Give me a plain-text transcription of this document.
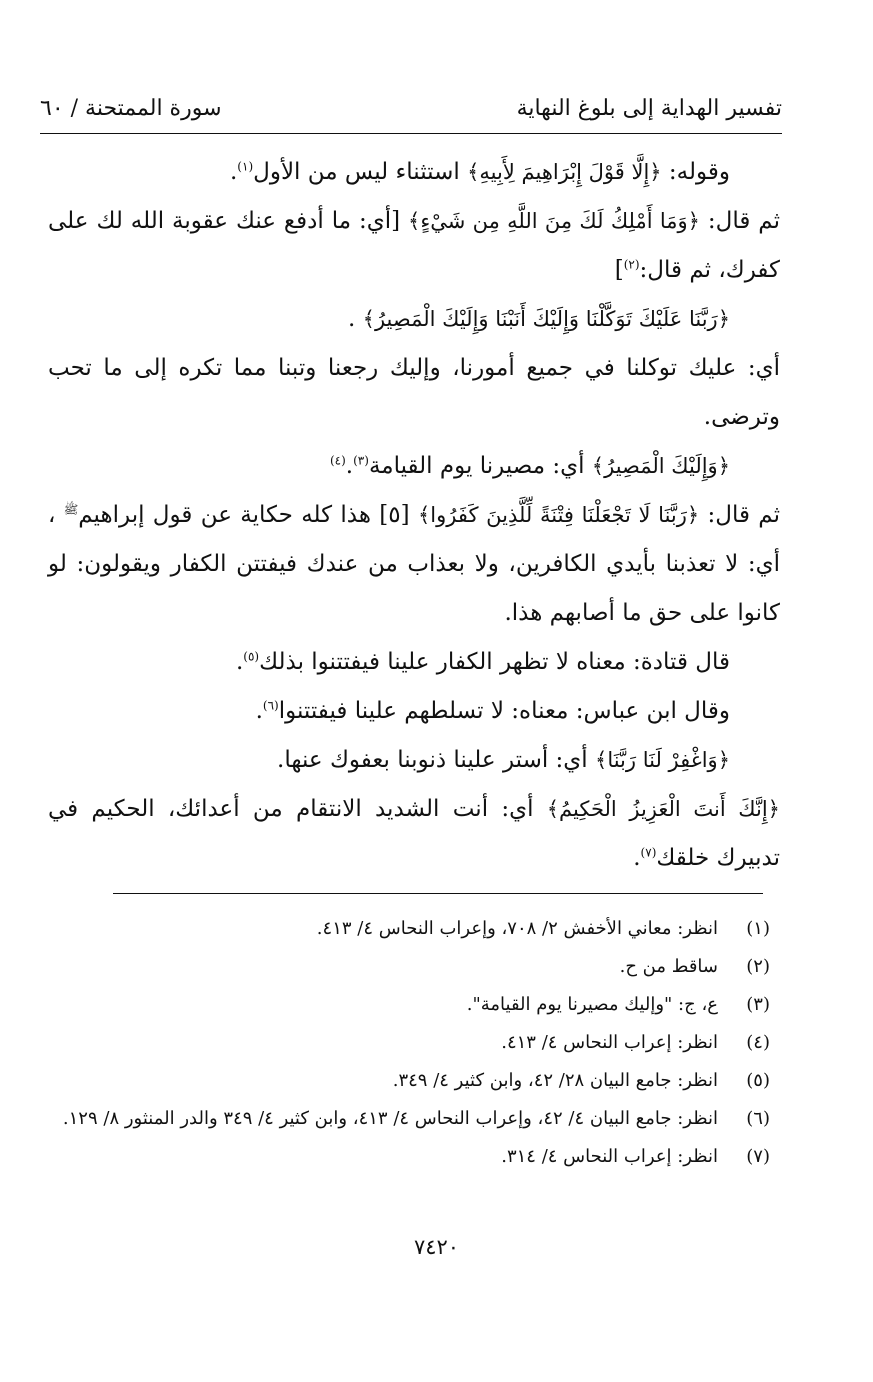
تفسير الهداية إلى بلوغ النهاية
سورة الممتحنة / ٦٠

وقوله: ﴿إِلَّا قَوْلَ إِبْرَاهِيمَ لِأَبِيهِ﴾ استثناء ليس من الأول$^{(١)}$.

ثم قال: ﴿وَمَا أَمْلِكُ لَكَ مِنَ اللَّهِ مِن شَيْءٍ﴾ [أي: ما أدفع عنك عقوبة الله لك على كفرك، ثم قال:$^{(٢)}$]

﴿رَبَّنَا عَلَيْكَ تَوَكَّلْنَا وَإِلَيْكَ أَنَبْنَا وَإِلَيْكَ الْمَصِيرُ﴾ .

أي: عليك توكلنا في جميع أمورنا، وإليك رجعنا وتبنا مما تكره إلى ما تحب وترضى.

﴿وَإِلَيْكَ الْمَصِيرُ﴾ أي: مصيرنا يوم القيامة$^{(٣)}$.$^{(٤)}$

ثم قال: ﴿رَبَّنَا لَا تَجْعَلْنَا فِتْنَةً لِّلَّذِينَ كَفَرُوا﴾ [٥] هذا كله حكاية عن قول إبراهيم$^ﷺ$ ، أي: لا تعذبنا بأيدي الكافرين، ولا بعذاب من عندك فيفتتن الكفار ويقولون: لو كانوا على حق ما أصابهم هذا.

قال قتادة: معناه لا تظهر الكفار علينا فيفتتنوا بذلك$^{(٥)}$.

وقال ابن عباس: معناه: لا تسلطهم علينا فيفتتنوا$^{(٦)}$.

﴿وَاغْفِرْ لَنَا رَبَّنَا﴾ أي: أستر علينا ذنوبنا بعفوك عنها.

﴿إِنَّكَ أَنتَ الْعَزِيزُ الْحَكِيمُ﴾ أي: أنت الشديد الانتقام من أعدائك، الحكيم في تدبيرك خلقك$^{(٧)}$.

(١)
انظر: معاني الأخفش ٢/ ٧٠٨، وإعراب النحاس ٤/ ٤١٣.
(٢)
ساقط من ح.
(٣)
ع، ج: "وإليك مصيرنا يوم القيامة".
(٤)
انظر: إعراب النحاس ٤/ ٤١٣.
(٥)
انظر: جامع البيان ٢٨/ ٤٢، وابن كثير ٤/ ٣٤٩.
(٦)
انظر: جامع البيان ٤/ ٤٢، وإعراب النحاس ٤/ ٤١٣، وابن كثير ٤/ ٣٤٩ والدر المنثور ٨/ ١٢٩.
(٧)
انظر: إعراب النحاس ٤/ ٣١٤.
٧٤٢٠
